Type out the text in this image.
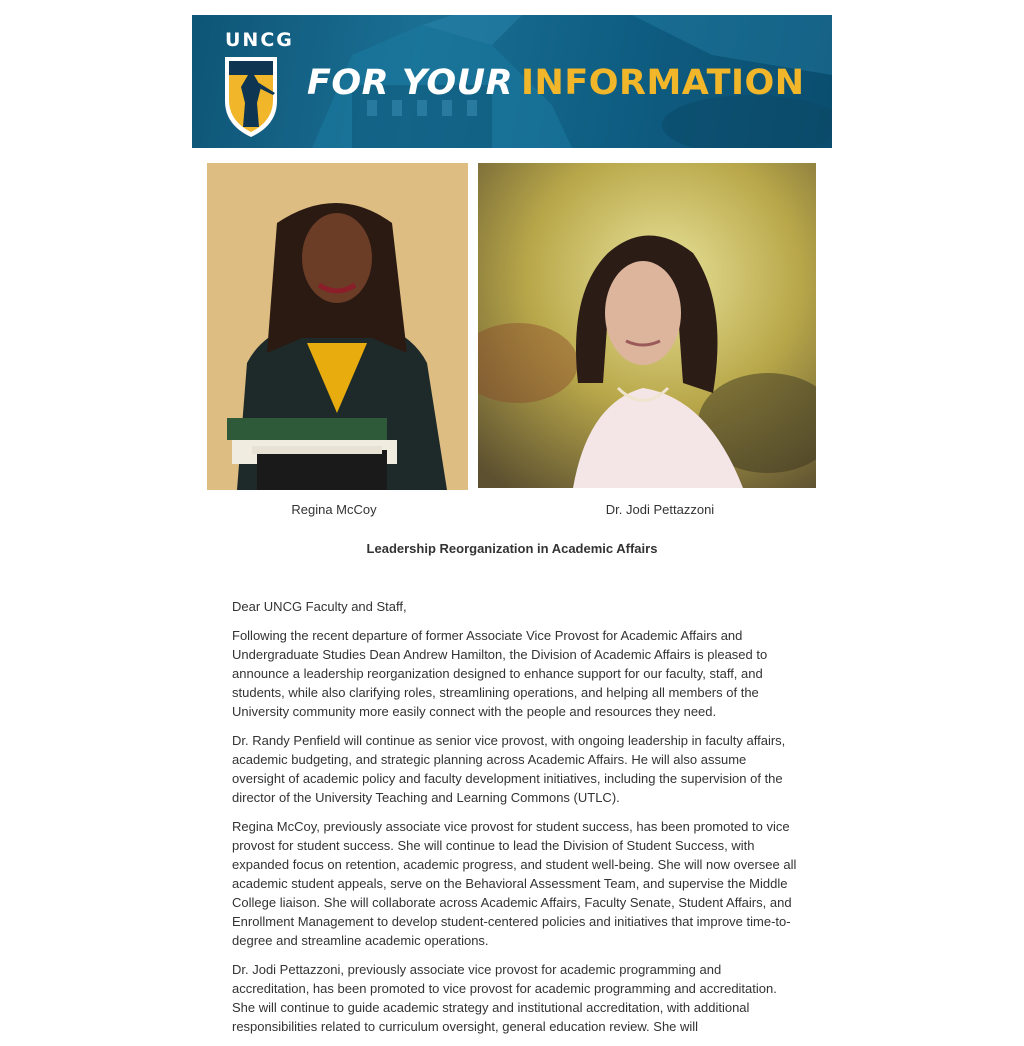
UNCG
FOR YOUR INFORMATION
Regina McCoy	Dr. Jodi Pettazzoni
Leadership Reorganization in Academic Affairs

Dear UNCG Faculty and Staff,

Following the recent departure of former Associate Vice Provost for Academic Affairs and Undergraduate Studies Dean Andrew Hamilton, the Division of Academic Affairs is pleased to announce a leadership reorganization designed to enhance support for our faculty, staff, and students, while also clarifying roles, streamlining operations, and helping all members of the University community more easily connect with the people and resources they need.

Dr. Randy Penfield will continue as senior vice provost, with ongoing leadership in faculty affairs, academic budgeting, and strategic planning across Academic Affairs. He will also assume oversight of academic policy and faculty development initiatives, including the supervision of the director of the University Teaching and Learning Commons (UTLC).

Regina McCoy, previously associate vice provost for student success, has been promoted to vice provost for student success. She will continue to lead the Division of Student Success, with expanded focus on retention, academic progress, and student well-being. She will now oversee all academic student appeals, serve on the Behavioral Assessment Team, and supervise the Middle College liaison. She will collaborate across Academic Affairs, Faculty Senate, Student Affairs, and Enrollment Management to develop student-centered policies and initiatives that improve time-to-degree and streamline academic operations.

Dr. Jodi Pettazzoni, previously associate vice provost for academic programming and accreditation, has been promoted to vice provost for academic programming and accreditation. She will continue to guide academic strategy and institutional accreditation, with additional responsibilities related to curriculum oversight, general education review. She will
